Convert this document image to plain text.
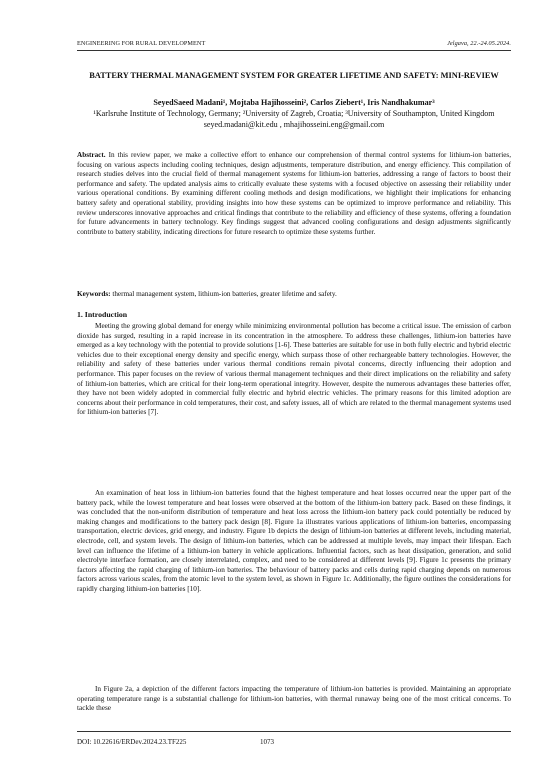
ENGINEERING FOR RURAL DEVELOPMENT	Jelgava, 22.-24.05.2024.
BATTERY THERMAL MANAGEMENT SYSTEM FOR GREATER LIFETIME AND SAFETY: MINI-REVIEW
SeyedSaeed Madani¹, Mojtaba Hajihosseini², Carlos Ziebert¹, Iris Nandhakumar³
¹Karlsruhe Institute of Technology, Germany; ²University of Zagreb, Croatia; ³University of Southampton, United Kingdom
seyed.madani@kit.edu , mhajihosseini.eng@gmail.com
Abstract. In this review paper, we make a collective effort to enhance our comprehension of thermal control systems for lithium-ion batteries, focusing on various aspects including cooling techniques, design adjustments, temperature distribution, and energy efficiency. This compilation of research studies delves into the crucial field of thermal management systems for lithium-ion batteries, addressing a range of factors to boost their performance and safety. The updated analysis aims to critically evaluate these systems with a focused objective on assessing their reliability under various operational conditions. By examining different cooling methods and design modifications, we highlight their implications for enhancing battery safety and operational stability, providing insights into how these systems can be optimized to improve performance and reliability. This review underscores innovative approaches and critical findings that contribute to the reliability and efficiency of these systems, offering a foundation for future advancements in battery technology. Key findings suggest that advanced cooling configurations and design adjustments significantly contribute to battery stability, indicating directions for future research to optimize these systems further.
Keywords: thermal management system, lithium-ion batteries, greater lifetime and safety.
1. Introduction
Meeting the growing global demand for energy while minimizing environmental pollution has become a critical issue. The emission of carbon dioxide has surged, resulting in a rapid increase in its concentration in the atmosphere. To address these challenges, lithium-ion batteries have emerged as a key technology with the potential to provide solutions [1-6]. These batteries are suitable for use in both fully electric and hybrid electric vehicles due to their exceptional energy density and specific energy, which surpass those of other rechargeable battery technologies. However, the reliability and safety of these batteries under various thermal conditions remain pivotal concerns, directly influencing their adoption and performance. This paper focuses on the review of various thermal management techniques and their direct implications on the reliability and safety of lithium-ion batteries, which are critical for their long-term operational integrity. However, despite the numerous advantages these batteries offer, they have not been widely adopted in commercial fully electric and hybrid electric vehicles. The primary reasons for this limited adoption are concerns about their performance in cold temperatures, their cost, and safety issues, all of which are related to the thermal management systems used for lithium-ion batteries [7].
An examination of heat loss in lithium-ion batteries found that the highest temperature and heat losses occurred near the upper part of the battery pack, while the lowest temperature and heat losses were observed at the bottom of the lithium-ion battery pack. Based on these findings, it was concluded that the non-uniform distribution of temperature and heat loss across the lithium-ion battery pack could potentially be reduced by making changes and modifications to the battery pack design [8]. Figure 1a illustrates various applications of lithium-ion batteries, encompassing transportation, electric devices, grid energy, and industry. Figure 1b depicts the design of lithium-ion batteries at different levels, including material, electrode, cell, and system levels. The design of lithium-ion batteries, which can be addressed at multiple levels, may impact their lifespan. Each level can influence the lifetime of a lithium-ion battery in vehicle applications. Influential factors, such as heat dissipation, generation, and solid electrolyte interface formation, are closely interrelated, complex, and need to be considered at different levels [9]. Figure 1c presents the primary factors affecting the rapid charging of lithium-ion batteries. The behaviour of battery packs and cells during rapid charging depends on numerous factors across various scales, from the atomic level to the system level, as shown in Figure 1c. Additionally, the figure outlines the considerations for rapidly charging lithium-ion batteries [10].
In Figure 2a, a depiction of the different factors impacting the temperature of lithium-ion batteries is provided. Maintaining an appropriate operating temperature range is a substantial challenge for lithium-ion batteries, with thermal runaway being one of the most critical concerns. To tackle these
DOI: 10.22616/ERDev.2024.23.TF225	1073
